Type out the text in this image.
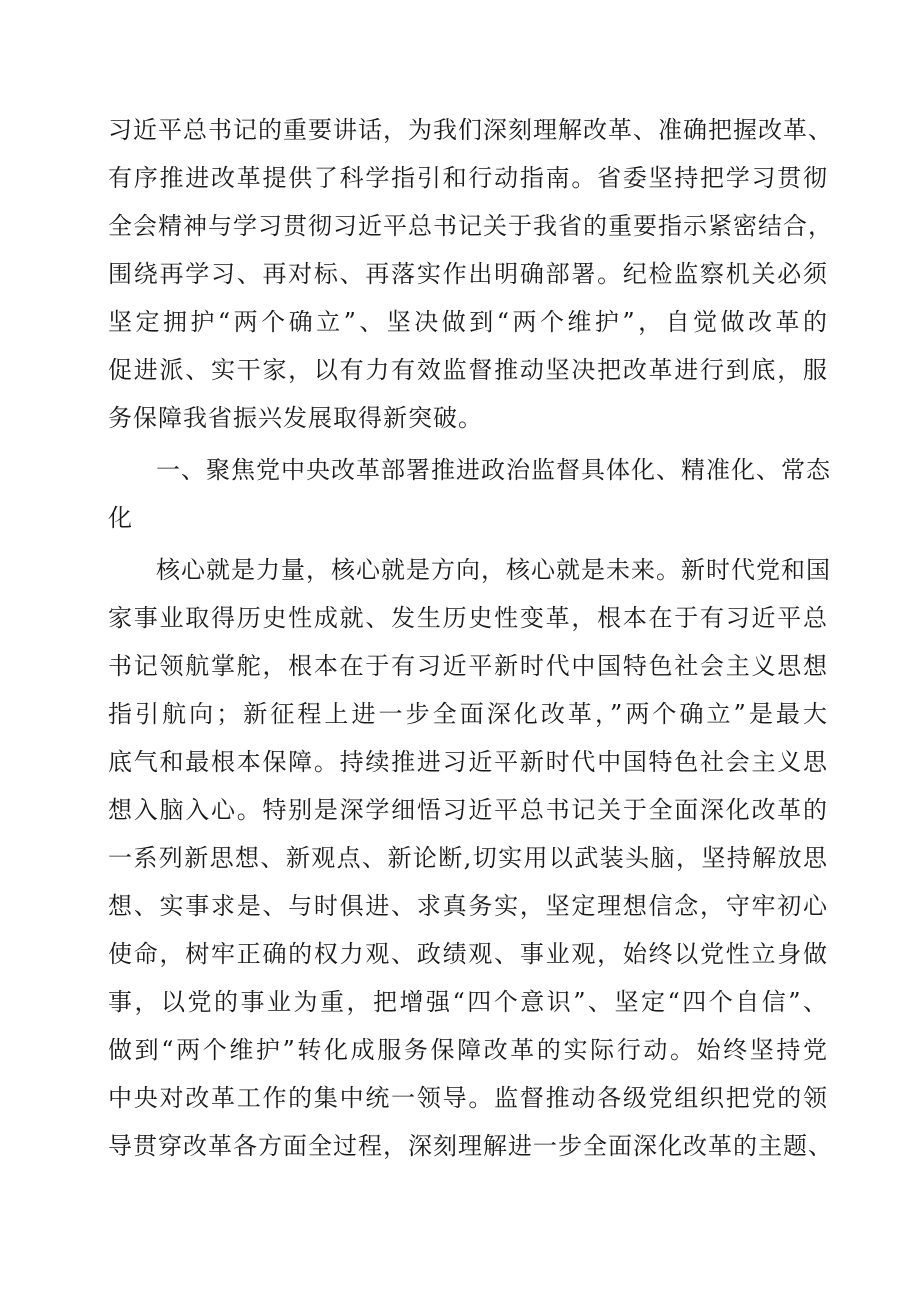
习近平总书记的重要讲话，为我们深刻理解改革、准确把握改革、
有序推进改革提供了科学指引和行动指南。省委坚持把学习贯彻
全会精神与学习贯彻习近平总书记关于我省的重要指示紧密结合，
围绕再学习、再对标、再落实作出明确部署。纪检监察机关必须
坚定拥护“两个确立”、坚决做到“两个维护”，自觉做改革的
促进派、实干家，以有力有效监督推动坚决把改革进行到底，服
务保障我省振兴发展取得新突破。
一、聚焦党中央改革部署推进政治监督具体化、精准化、常态
化
核心就是力量，核心就是方向，核心就是未来。新时代党和国
家事业取得历史性成就、发生历史性变革，根本在于有习近平总
书记领航掌舵，根本在于有习近平新时代中国特色社会主义思想
指引航向；新征程上进一步全面深化改革，”两个确立”是最大
底气和最根本保障。持续推进习近平新时代中国特色社会主义思
想入脑入心。特别是深学细悟习近平总书记关于全面深化改革的
一系列新思想、新观点、新论断,切实用以武装头脑，坚持解放思
想、实事求是、与时俱进、求真务实，坚定理想信念，守牢初心
使命，树牢正确的权力观、政绩观、事业观，始终以党性立身做
事，以党的事业为重，把增强“四个意识”、坚定“四个自信”、
做到“两个维护”转化成服务保障改革的实际行动。始终坚持党
中央对改革工作的集中统一领导。监督推动各级党组织把党的领
导贯穿改革各方面全过程，深刻理解进一步全面深化改革的主题、
